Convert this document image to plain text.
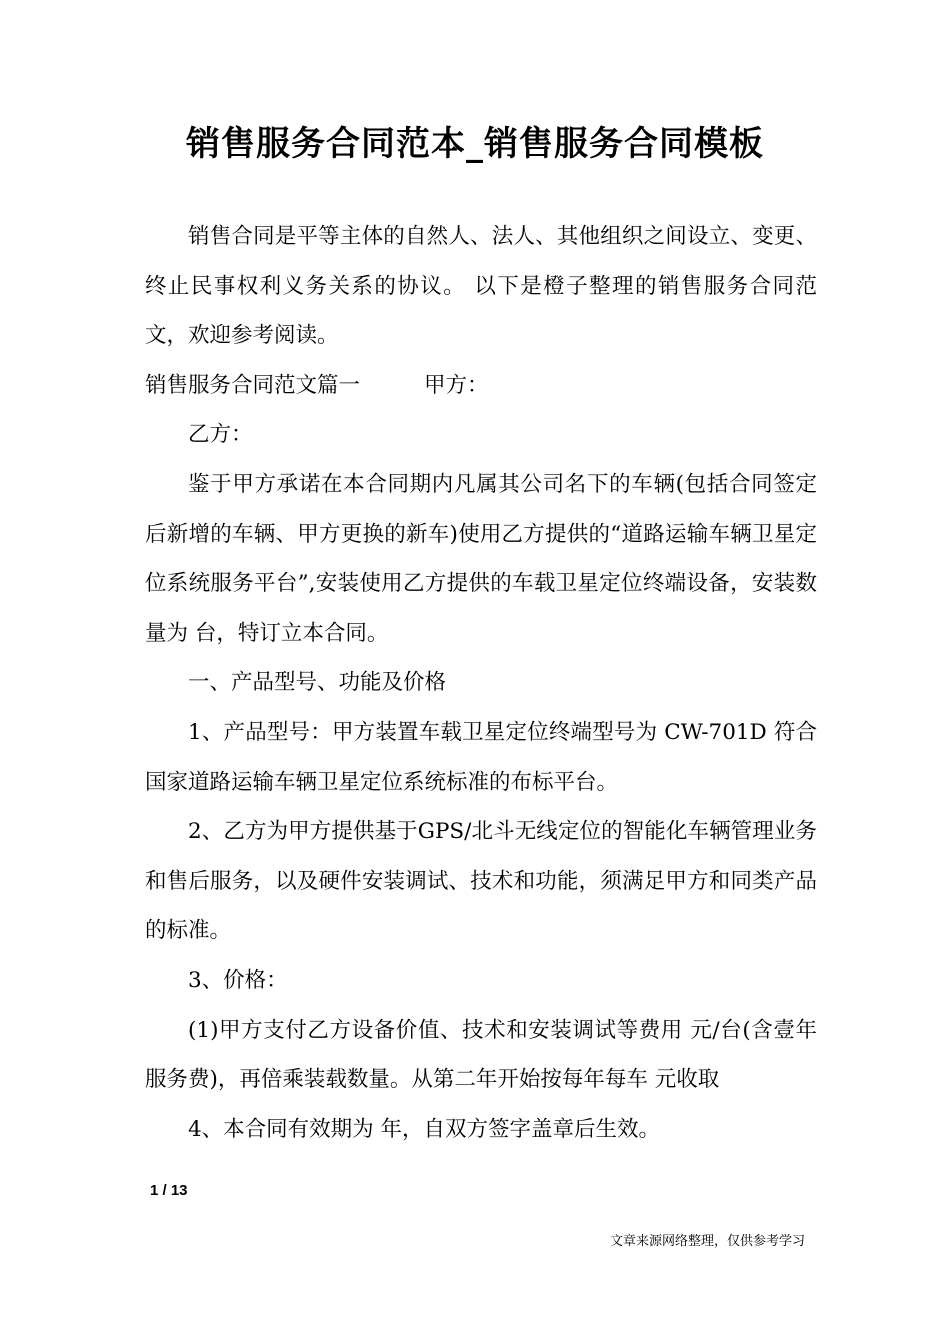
销售服务合同范本_销售服务合同模板

销售合同是平等主体的自然人、法人、其他组织之间设立、变更、终止民事权利义务关系的协议。 以下是橙子整理的销售服务合同范文，欢迎参考阅读。

销售服务合同范文篇一	甲方：

乙方：

鉴于甲方承诺在本合同期内凡属其公司名下的车辆(包括合同签定后新增的车辆、甲方更换的新车)使用乙方提供的“道路运输车辆卫星定位系统服务平台”,安装使用乙方提供的车载卫星定位终端设备，安装数量为 台，特订立本合同。

一、产品型号、功能及价格

1、产品型号：甲方装置车载卫星定位终端型号为 CW-701D 符合国家道路运输车辆卫星定位系统标准的布标平台。

2、乙方为甲方提供基于GPS/北斗无线定位的智能化车辆管理业务和售后服务，以及硬件安装调试、技术和功能，须满足甲方和同类产品的标准。

3、价格：

(1)甲方支付乙方设备价值、技术和安装调试等费用 元/台(含壹年服务费)，再倍乘装载数量。从第二年开始按每年每车 元收取

4、本合同有效期为 年，自双方签字盖章后生效。

1 / 13
文章来源网络整理，仅供参考学习
